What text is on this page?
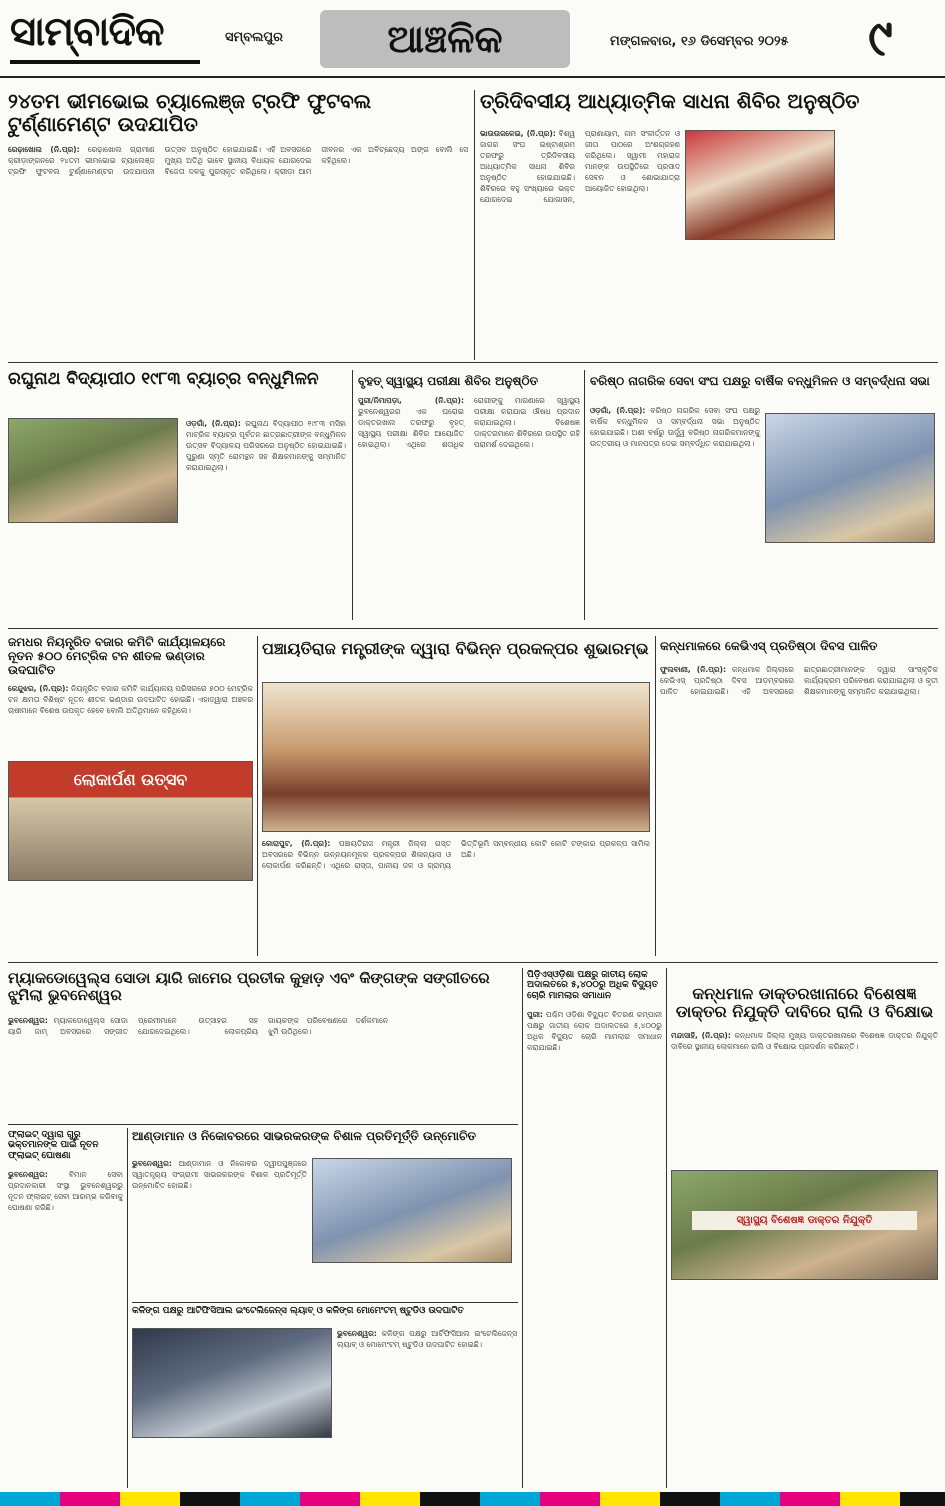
ସାମ୍ବାଦିକ	ସମ୍ବଲପୁର	ଆଞ୍ଚଳିକ	ମଙ୍ଗଳବାର, ୧୬ ଡିସେମ୍ବର ୨୦୨୫ ୯
୨୪ତମ ଭୀମଭୋଇ ଚ୍ୟାଲେଞ୍ଜ ଟ୍ରଫି ଫୁଟବଲ ଟୁର୍ଣ୍ଣାମେଣ୍ଟ ଉଦଯାପିତ
ରେଢ଼ାଖୋଲ (ନି.ପ୍ର): ରେଢ଼ାଖୋଲ ଗ୍ରାମୀଣ କ୍ରୀଡ଼ାଙ୍ଗନରେ ୨୪ତମ ଭୀମଭୋଇ ଚ୍ୟାଲେଞ୍ଜ ଟ୍ରଫି ଫୁଟବଲ ଟୁର୍ଣ୍ଣାମେଣ୍ଟର ଉଦଯାପନୀ ଉତ୍ସବ ଅନୁଷ୍ଠିତ ହୋଇଯାଇଛି। ଏହି ଅବସରରେ ମୁଖ୍ୟ ଅତିଥି ଭାବେ ସ୍ଥାନୀୟ ବିଧାୟକ ଯୋଗଦେଇ ବିଜେତା ଦଳକୁ ପୁରସ୍କୃତ କରିଥିଲେ। କ୍ରୀଡ଼ା ଆମ ଜୀବନର ଏକ ଅବିଚ୍ଛେଦ୍ୟ ଅଙ୍ଗ ବୋଲି ସେ କହିଥିଲେ।
ତ୍ରିଦିବସୀୟ ଆଧ୍ୟାତ୍ମିକ ସାଧନା ଶିବିର ଅନୁଷ୍ଠିତ
ଭାଉଉଜଳେଇ, (ନି.ପ୍ର): ବିଶ୍ୱ ଜାଗର ସଂଘ ଇଷ୍ଟାଶ୍ରମ ତରଫରୁ ତ୍ରିଦିବସୀୟ ଆଧ୍ୟାତ୍ମିକ ସାଧନା ଶିବିର ଅନୁଷ୍ଠିତ ହୋଇଯାଇଛି। ଶିବିରରେ ବହୁ ସଂଖ୍ୟାରେ ଭକ୍ତ ଯୋଗଦେଇ ଯୋଗାସନ, ପ୍ରାଣାୟାମ, ନାମ ସଂକୀର୍ତ୍ତନ ଓ ଗୀତା ପାଠରେ ଅଂଶଗ୍ରହଣ କରିଥିଲେ। ସ୍ୱାମୀ ମହାରାଜ ମାନଙ୍କ ଉପସ୍ଥିତିରେ ପ୍ରସାଦ ସେବନ ଓ ଶୋଭାଯାତ୍ରା ଆୟୋଜିତ ହୋଇଥିଲା।
ରଘୁନାଥ ବିଦ୍ୟାପୀଠ ୧୯୮୩ ବ୍ୟାଚ୍‌ର ବନ୍ଧୁମିଳନ
ଓଡ଼ଗାଁ, (ନି.ପ୍ର): ରଘୁନାଥ ବିଦ୍ୟାପୀଠ ୧୯୮୩ ମସିହା ମାଟ୍ରିକ ବ୍ୟାଚ୍‌ର ପୂର୍ବତନ ଛାତ୍ରଛାତ୍ରୀଙ୍କ ବନ୍ଧୁମିଳନ ଉତ୍ସବ ବିଦ୍ୟାଳୟ ପରିସରରେ ଅନୁଷ୍ଠିତ ହୋଇଯାଇଛି। ପୁରୁଣା ସ୍ମୃତି ରୋମନ୍ଥନ ସହ ଶିକ୍ଷକମାନଙ୍କୁ ସମ୍ମାନିତ କରାଯାଇଥିଲା।
ବୃହତ୍ ସ୍ୱାସ୍ଥ୍ୟ ପରୀକ୍ଷା ଶିବିର ଅନୁଷ୍ଠିତ
ପୁରୀ/ନିମାପଡ଼ା, (ନି.ପ୍ର): ଭୁବନେଶ୍ୱରର ଏକ ଘରୋଇ ଡାକ୍ତରଖାନା ତରଫରୁ ବୃହତ୍ ସ୍ୱାସ୍ଥ୍ୟ ପରୀକ୍ଷା ଶିବିର ଆୟୋଜିତ ହୋଇଥିଲା। ଏଥିରେ ଶତାଧିକ ରୋଗୀଙ୍କୁ ମାଗଣାରେ ସ୍ୱାସ୍ଥ୍ୟ ପରୀକ୍ଷା କରାଯାଇ ଔଷଧ ପ୍ରଦାନ କରାଯାଇଥିଲା। ବିଶେଷଜ୍ଞ ଡାକ୍ତରମାନେ ଶିବିରରେ ଉପସ୍ଥିତ ରହି ପରାମର୍ଶ ଦେଇଥିଲେ।
ବରିଷ୍ଠ ନାଗରିକ ସେବା ସଂଘ ପକ୍ଷରୁ ବାର୍ଷିକ ବନ୍ଧୁମିଳନ ଓ ସମ୍ବର୍ଦ୍ଧନା ସଭା
ଓଡ଼ଗାଁ, (ନି.ପ୍ର): ବରିଷ୍ଠ ନାଗରିକ ସେବା ସଂଘ ପକ୍ଷରୁ ବାର୍ଷିକ ବନ୍ଧୁମିଳନ ଓ ସମ୍ବର୍ଦ୍ଧନା ସଭା ଅନୁଷ୍ଠିତ ହୋଇଯାଇଛି। ଅଶୀ ବର୍ଷରୁ ଊର୍ଦ୍ଧ୍ୱ ବରିଷ୍ଠ ନାଗରିକମାନଙ୍କୁ ଉତ୍ତରୀୟ ଓ ମାନପତ୍ର ଦେଇ ସମ୍ବର୍ଦ୍ଧିତ କରାଯାଇଥିଲା।
ଜମଧର ନିୟନ୍ତ୍ରିତ ବଜାର କମିଟି କାର୍ଯ୍ୟାଳୟରେ ନୂତନ ୫୦୦ ମେଟ୍ରିକ ଟନ ଶୀତଳ ଭଣ୍ଡାର ଉଦଘାଟିତ
କେନ୍ଦୁଝର, (ନି.ପ୍ର): ନିୟନ୍ତ୍ରିତ ବଜାର କମିଟି କାର୍ଯ୍ୟାଳୟ ପରିସରରେ ୫୦୦ ମେଟ୍ରିକ ଟନ କ୍ଷମତା ବିଶିଷ୍ଟ ନୂତନ ଶୀତଳ ଭଣ୍ଡାର ଉଦଘାଟିତ ହୋଇଛି। ଏହାଦ୍ୱାରା ଅଞ୍ଚଳର ଚାଷୀମାନେ ବିଶେଷ ଉପକୃତ ହେବେ ବୋଲି ଅତିଥିମାନେ କହିଥିଲେ।
ଲୋକାର୍ପଣ ଉତ୍ସବ
ପଞ୍ଚାୟତିରାଜ ମନ୍ତ୍ରୀଙ୍କ ଦ୍ୱାରା ବିଭିନ୍ନ ପ୍ରକଳ୍ପର ଶୁଭାରମ୍ଭ
କୋରାପୁଟ, (ନି.ପ୍ର): ପଞ୍ଚାୟତିରାଜ ମନ୍ତ୍ରୀ ଜିଲ୍ଲା ଗସ୍ତ ଅବସରରେ ବିଭିନ୍ନ ଉନ୍ନୟନମୂଳକ ପ୍ରକଳ୍ପର ଶିଳାନ୍ୟାସ ଓ ଲୋକାର୍ପଣ କରିଛନ୍ତି। ଏଥିରେ ରାସ୍ତା, ପାନୀୟ ଜଳ ଓ ଗ୍ରାମ୍ୟ ଭିତ୍ତିଭୂମି ସମ୍ବନ୍ଧୀୟ କୋଟି କୋଟି ଟଙ୍କାର ପ୍ରକଳ୍ପ ସାମିଲ ଅଛି।
କନ୍ଧମାଳରେ କେଭିଏସ୍ ପ୍ରତିଷ୍ଠା ଦିବସ ପାଳିତ
ଫୁଲବାଣୀ, (ନି.ପ୍ର): କନ୍ଧମାଳ ଜିଲ୍ଲାରେ କେଭିଏସ୍ ପ୍ରତିଷ୍ଠା ଦିବସ ଆଡ଼ମ୍ବରରେ ପାଳିତ ହୋଇଯାଇଛି। ଏହି ଅବସରରେ ଛାତ୍ରଛାତ୍ରୀମାନଙ୍କ ଦ୍ୱାରା ସାଂସ୍କୃତିକ କାର୍ଯ୍ୟକ୍ରମ ପରିବେଷଣ କରାଯାଇଥିଲା ଓ କୃତୀ ଶିକ୍ଷକମାନଙ୍କୁ ସମ୍ମାନିତ କରାଯାଇଥିଲା।
ମ୍ୟାକଡୋୱେଲ୍ସ ସୋଡା ୟାରି ଜାମେର ପ୍ରତୀକ କୁହାଡ଼ ଏବଂ କିଙ୍ଗଙ୍କ ସଙ୍ଗୀତରେ ଝୁମିଲା ଭୁବନେଶ୍ୱର
ଭୁବନେଶ୍ୱର: ମ୍ୟାକଡୋୱେଲ୍ସ ସୋଡା ୟାରି ଜାମ୍ ଅବସରରେ ସଙ୍ଗୀତ ପ୍ରେମୀମାନେ ଉତ୍ସାହର ସହ ଯୋଗଦେଇଥିଲେ। ଲୋକପ୍ରିୟ ଗାୟକଙ୍କ ପରିବେଷଣରେ ଦର୍ଶକମାନେ ଝୁମି ଉଠିଥିଲେ।
ପିଡ଼ିଏସ୍‌ଓଡ଼ିଶା ପକ୍ଷରୁ ଜାତୀୟ ଲୋକ ଅଦାଲତରେ ୫,୪୦୦ରୁ ଅଧିକ ବିଦ୍ୟୁତ ଚୋରି ମାମଲାର ସମାଧାନ
ପୁରୀ: ପଶ୍ଚିମ ଓଡ଼ିଶା ବିଦ୍ୟୁତ ବିତରଣ କମ୍ପାନୀ ପକ୍ଷରୁ ଜାତୀୟ ଲୋକ ଅଦାଲତରେ ୫,୪୦୦ରୁ ଅଧିକ ବିଦ୍ୟୁତ ଚୋରି ମାମଲାର ସମାଧାନ କରାଯାଇଛି।
କନ୍ଧମାଳ ଡାକ୍ତରଖାନାରେ ବିଶେଷଜ୍ଞ ଡାକ୍ତର ନିଯୁକ୍ତି ଦାବିରେ ରାଲି ଓ ବିକ୍ଷୋଭ
ମନ୍ଦାସାହି, (ନି.ପ୍ର): କନ୍ଧମାଳ ଜିଲ୍ଲା ମୁଖ୍ୟ ଡାକ୍ତରଖାନାରେ ବିଶେଷଜ୍ଞ ଡାକ୍ତର ନିଯୁକ୍ତି ଦାବିରେ ସ୍ଥାନୀୟ ଲୋକମାନେ ରାଲି ଓ ବିକ୍ଷୋଭ ପ୍ରଦର୍ଶନ କରିଛନ୍ତି।
ସ୍ୱାସ୍ଥ୍ୟ ବିଶେଷଜ୍ଞ ଡାକ୍ତର ନିଯୁକ୍ତି
ଫ୍ଲାଇଟ୍ ଦ୍ୱାରା ଗୁରୁ ଭକ୍ତମାନଙ୍କ ପାଇଁ ନୂତନ ଫ୍ଲାଇଟ୍ ଘୋଷଣା
ଭୁବନେଶ୍ୱର:	ବିମାନ ସେବା ପ୍ରଦାନକାରୀ ସଂସ୍ଥା ଭୁବନେଶ୍ୱରରୁ ନୂତନ ଫ୍ଲାଇଟ୍ ସେବା ଆରମ୍ଭ କରିବାକୁ ଘୋଷଣା କରିଛି।
ଆଣ୍ଡାମାନ ଓ ନିକୋବରରେ ସାଭରକରଙ୍କ ବିଶାଳ ପ୍ରତିମୂର୍ତ୍ତି ଉନ୍ମୋଚିତ
ଭୁବନେଶ୍ୱର: ଆଣ୍ଡାମାନ ଓ ନିକୋବର ଦ୍ୱୀପପୁଞ୍ଜରେ ସ୍ୱାତନ୍ତ୍ର୍ୟ ସଂଗ୍ରାମୀ ସାଭରକରଙ୍କ ବିଶାଳ ପ୍ରତିମୂର୍ତ୍ତି ଉନ୍ମୋଚିତ ହୋଇଛି।
କଳିଙ୍ଗ ପକ୍ଷରୁ ଆର୍ଟିଫିସିଆଲ ଇଂଟେଲିଜେନ୍ସ ଲ୍ୟାବ୍ ଓ କଳିଙ୍ଗ ମୋମେଂଟମ୍ ଷ୍ଟୁଡିଓ ଉଦଘାଟିତ
ଭୁବନେଶ୍ୱର: କଳିଙ୍ଗ ପକ୍ଷରୁ ଆର୍ଟିଫିସିଆଲ ଇଂଟେଲିଜେନ୍ସ ଲ୍ୟାବ୍ ଓ ମୋମେଂଟମ୍ ଷ୍ଟୁଡିଓ ଉଦଘାଟିତ ହୋଇଛି।
